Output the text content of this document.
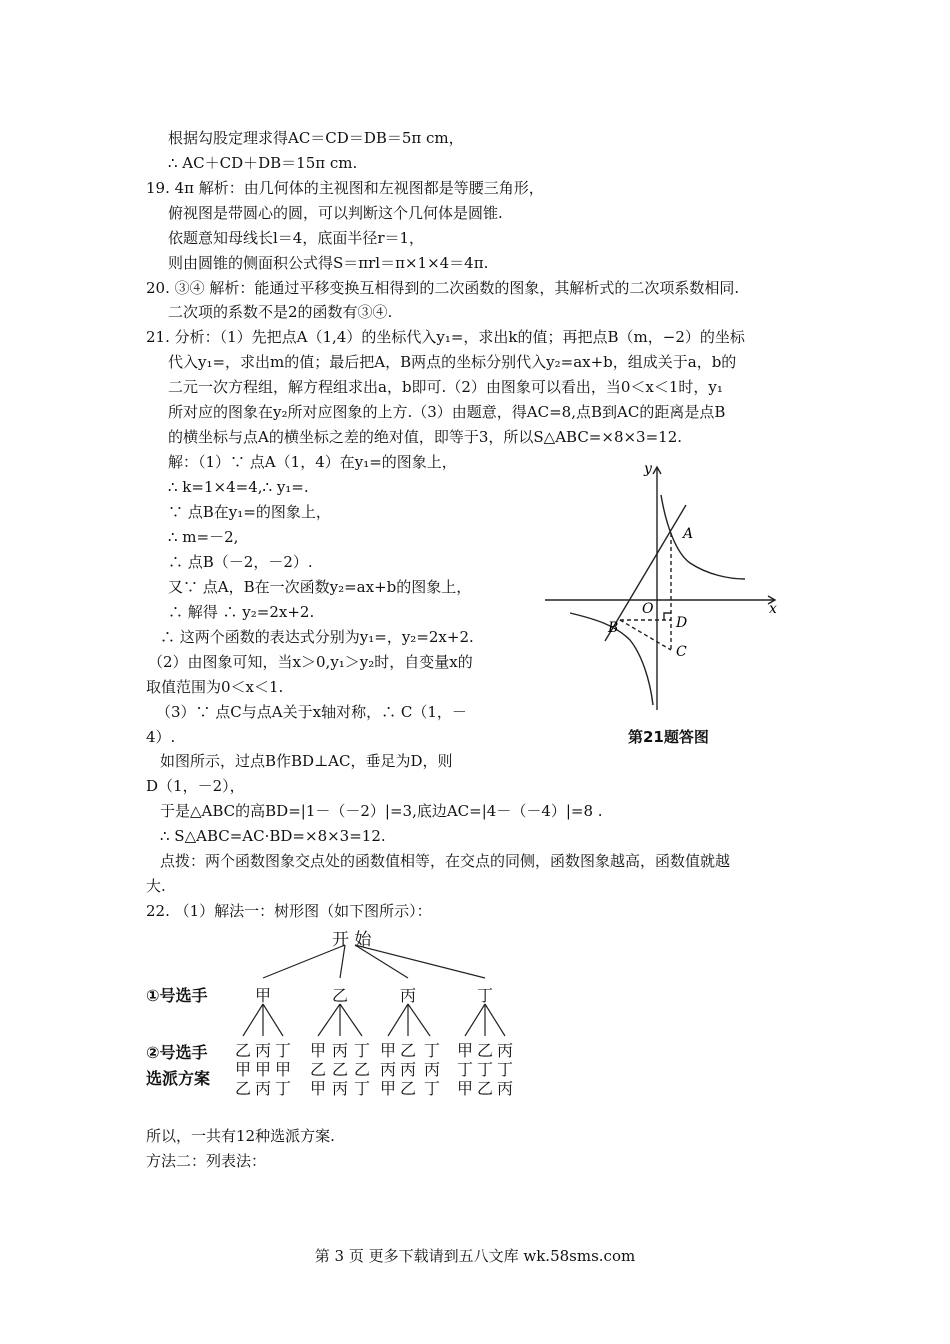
根据勾股定理求得AC＝CD＝DB＝5π cm，
∴ AC＋CD＋DB＝15π cm.
19. 4π 解析：由几何体的主视图和左视图都是等腰三角形，
俯视图是带圆心的圆，可以判断这个几何体是圆锥.
依题意知母线长l＝4，底面半径r＝1，
则由圆锥的侧面积公式得S＝πrl＝π×1×4＝4π.
20. ③④ 解析：能通过平移变换互相得到的二次函数的图象，其解析式的二次项系数相同.
二次项的系数不是2的函数有③④.
21. 分析：（1）先把点A（1,4）的坐标代入y₁=，求出k的值；再把点B（m，−2）的坐标
代入y₁=，求出m的值；最后把A，B两点的坐标分别代入y₂=ax+b，组成关于a，b的
二元一次方程组，解方程组求出a，b即可.（2）由图象可以看出，当0＜x＜1时，y₁
所对应的图象在y₂所对应图象的上方.（3）由题意，得AC=8,点B到AC的距离是点B
的横坐标与点A的横坐标之差的绝对值，即等于3，所以S△ABC=×8×3=12.
解：（1）∵ 点A（1，4）在y₁=的图象上，
∴ k=1×4=4,∴ y₁=.
∵ 点B在y₁=的图象上，
∴ m=－2,
∴ 点B（－2，－2）.
又∵ 点A，B在一次函数y₂=ax+b的图象上，
∴ 解得 ∴ y₂=2x+2.
∴ 这两个函数的表达式分别为y₁=，y₂=2x+2.
（2）由图象可知，当x＞0,y₁＞y₂时，自变量x的
取值范围为0＜x＜1.
（3）∵ 点C与点A关于x轴对称，∴ C（1，－
4）.
如图所示，过点B作BD⊥AC，垂足为D，则
D（1，－2），
于是△ABC的高BD=|1－（－2）|=3,底边AC=|4－（－4）|=8 .
∴ S△ABC=AC·BD=×8×3=12.
点拨：两个函数图象交点处的函数值相等，在交点的同侧，函数图象越高，函数值就越
大.
22. （1）解法一：树形图（如下图所示）：
所以，一共有12种选派方案.
方法二：列表法：
A
B
C
D
O	x
y
第21题答图
开 始
①号选手
②号选手
选派方案
甲	乙	丙	丁
乙 丙 丁 甲 丙 丁 甲 乙 丁 甲 乙 丙
甲 甲 甲 乙 乙 乙 丙 丙 丙 丁 丁 丁
乙 丙 丁 甲 丙 丁 甲 乙 丁 甲 乙 丙
第 3 页 更多下载请到五八文库 wk.58sms.com
